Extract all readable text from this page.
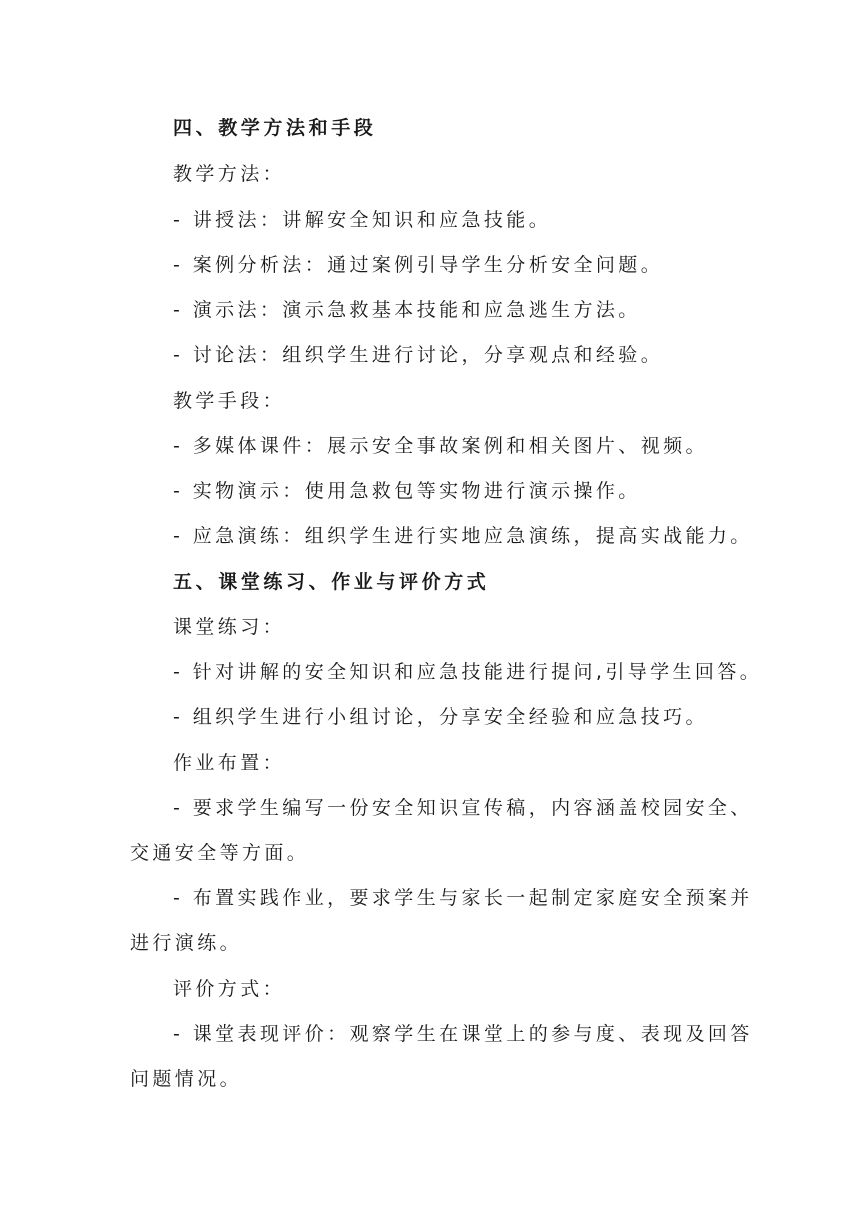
四、教学方法和手段
教学方法：
- 讲授法：讲解安全知识和应急技能。
- 案例分析法：通过案例引导学生分析安全问题。
- 演示法：演示急救基本技能和应急逃生方法。
- 讨论法：组织学生进行讨论，分享观点和经验。
教学手段：
- 多媒体课件：展示安全事故案例和相关图片、视频。
- 实物演示：使用急救包等实物进行演示操作。
- 应急演练：组织学生进行实地应急演练，提高实战能力。
五、课堂练习、作业与评价方式
课堂练习：
- 针对讲解的安全知识和应急技能进行提问,引导学生回答。
- 组织学生进行小组讨论，分享安全经验和应急技巧。
作业布置：
- 要求学生编写一份安全知识宣传稿，内容涵盖校园安全、
交通安全等方面。
- 布置实践作业，要求学生与家长一起制定家庭安全预案并
进行演练。
评价方式：
- 课堂表现评价：观察学生在课堂上的参与度、表现及回答
问题情况。
